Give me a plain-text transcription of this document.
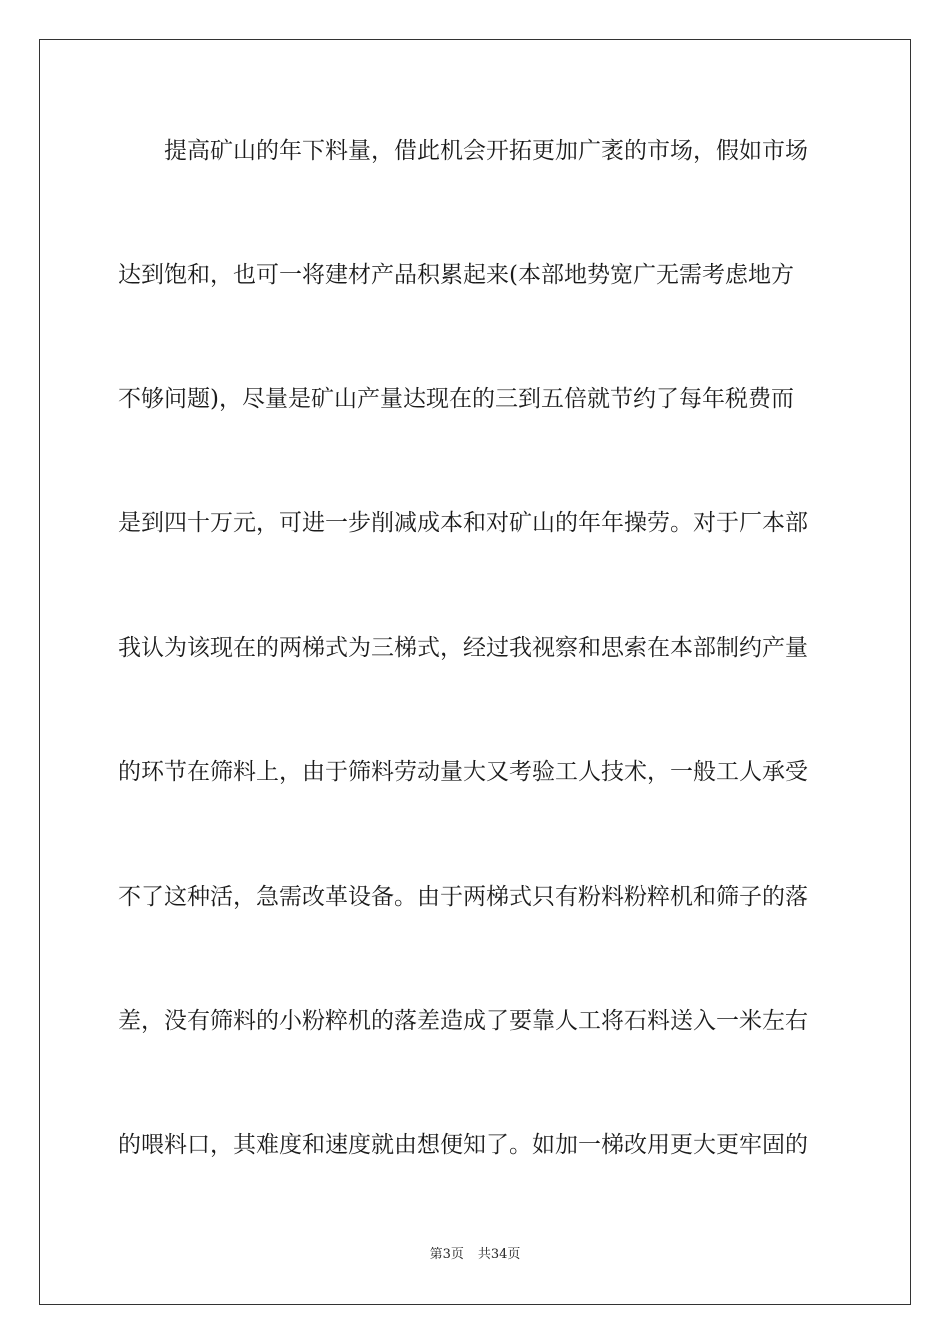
提高矿山的年下料量，借此机会开拓更加广袤的市场，假如市场
达到饱和，也可一将建材产品积累起来(本部地势宽广无需考虑地方
不够问题)，尽量是矿山产量达现在的三到五倍就节约了每年税费而
是到四十万元，可进一步削减成本和对矿山的年年操劳。对于厂本部
我认为该现在的两梯式为三梯式，经过我视察和思索在本部制约产量
的环节在筛料上，由于筛料劳动量大又考验工人技术，一般工人承受
不了这种活，急需改革设备。由于两梯式只有粉料粉粹机和筛子的落
差，没有筛料的小粉粹机的落差造成了要靠人工将石料送入一米左右
的喂料口，其难度和速度就由想便知了。如加一梯改用更大更牢固的
第3页 共34页
